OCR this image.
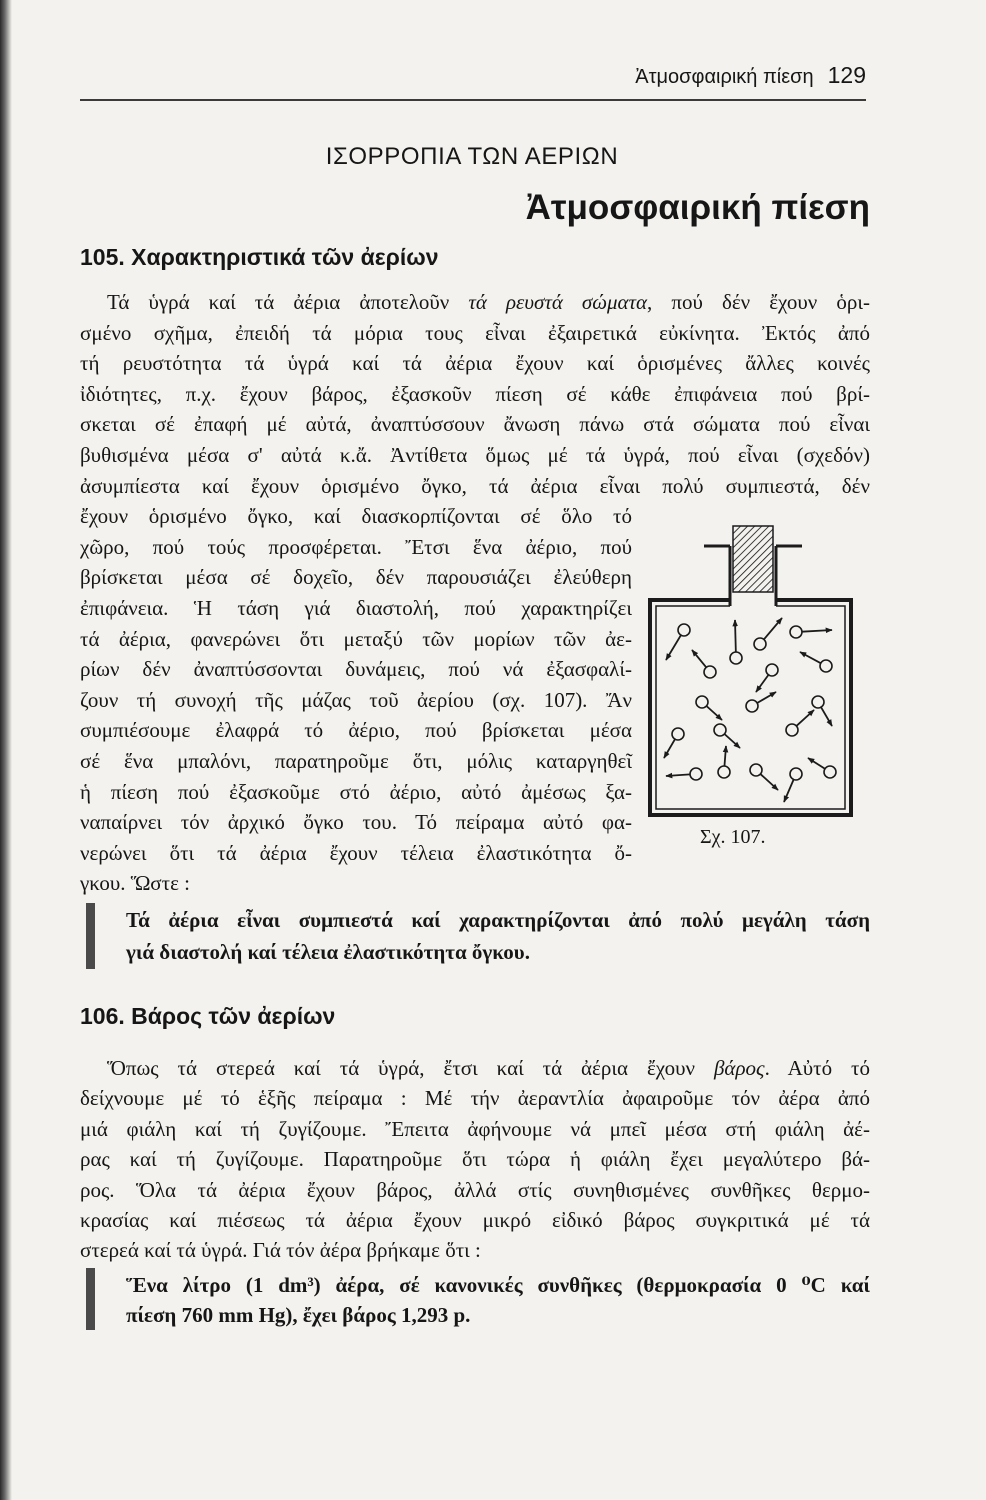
Ἀτμοσφαιρική πίεση 129
ΙΣΟΡΡΟΠΙΑ ΤΩΝ ΑΕΡΙΩΝ
Ἀτμοσφαιρική πίεση
105. Χαρακτηριστικά τῶν ἀερίων
Τά ὑγρά καί τά ἀέρια ἀποτελοῦν τά ρευστά σώματα, πού δέν ἔχουν ὁρι-
σμένο σχῆμα, ἐπειδή τά μόρια τους εἶναι ἐξαιρετικά εὐκίνητα. Ἐκτός ἀπό
τή ρευστότητα τά ὑγρά καί τά ἀέρια ἔχουν καί ὁρισμένες ἄλλες κοινές
ἰδιότητες, π.χ. ἔχουν βάρος, ἐξασκοῦν πίεση σέ κάθε ἐπιφάνεια πού βρί-
σκεται σέ ἐπαφή μέ αὐτά, ἀναπτύσσουν ἄνωση πάνω στά σώματα πού εἶναι
βυθισμένα μέσα σ' αὐτά κ.ἄ. Ἀντίθετα ὅμως μέ τά ὑγρά, πού εἶναι (σχεδόν)
ἀσυμπίεστα καί ἔχουν ὁρισμένο ὄγκο, τά ἀέρια εἶναι πολύ συμπιεστά, δέν
ἔχουν ὁρισμένο ὄγκο, καί διασκορπίζονται σέ ὅλο τό
χῶρο, πού τούς προσφέρεται. Ἔτσι ἕνα ἀέριο, πού
βρίσκεται μέσα σέ δοχεῖο, δέν παρουσιάζει ἐλεύθερη
ἐπιφάνεια. Ἡ τάση γιά διαστολή, πού χαρακτηρίζει
τά ἀέρια, φανερώνει ὅτι μεταξύ τῶν μορίων τῶν ἀε-
ρίων δέν ἀναπτύσσονται δυνάμεις, πού νά ἐξασφαλί-
ζουν τή συνοχή τῆς μάζας τοῦ ἀερίου (σχ. 107). Ἄν
συμπιέσουμε ἐλαφρά τό ἀέριο, πού βρίσκεται μέσα
σέ ἕνα μπαλόνι, παρατηροῦμε ὅτι, μόλις καταργηθεῖ
ἡ πίεση πού ἐξασκοῦμε στό ἀέριο, αὐτό ἀμέσως ξα-
ναπαίρνει τόν ἀρχικό ὄγκο του. Τό πείραμα αὐτό φα-
νερώνει ὅτι τά ἀέρια ἔχουν τέλεια ἐλαστικότητα ὄ-
γκου. Ὥστε :
Σχ. 107.
Τά ἀέρια εἶναι συμπιεστά καί χαρακτηρίζονται ἀπό πολύ μεγάλη τάση
γιά διαστολή καί τέλεια ἐλαστικότητα ὄγκου.
106. Βάρος τῶν ἀερίων
Ὅπως τά στερεά καί τά ὑγρά, ἔτσι καί τά ἀέρια ἔχουν βάρος. Αὐτό τό
δείχνουμε μέ τό ἑξῆς πείραμα : Μέ τήν ἀεραντλία ἀφαιροῦμε τόν ἀέρα ἀπό
μιά φιάλη καί τή ζυγίζουμε. Ἔπειτα ἀφήνουμε νά μπεῖ μέσα στή φιάλη ἀέ-
ρας καί τή ζυγίζουμε. Παρατηροῦμε ὅτι τώρα ἡ φιάλη ἔχει μεγαλύτερο βά-
ρος. Ὅλα τά ἀέρια ἔχουν βάρος, ἀλλά στίς συνηθισμένες συνθῆκες θερμο-
κρασίας καί πιέσεως τά ἀέρια ἔχουν μικρό εἰδικό βάρος συγκριτικά μέ τά
στερεά καί τά ὑγρά. Γιά τόν ἀέρα βρήκαμε ὅτι :
Ἕνα λίτρο (1 dm³) ἀέρα, σέ κανονικές συνθῆκες (θερμοκρασία 0 ⁰C καί
πίεση 760 mm Hg), ἔχει βάρος 1,293 p.
